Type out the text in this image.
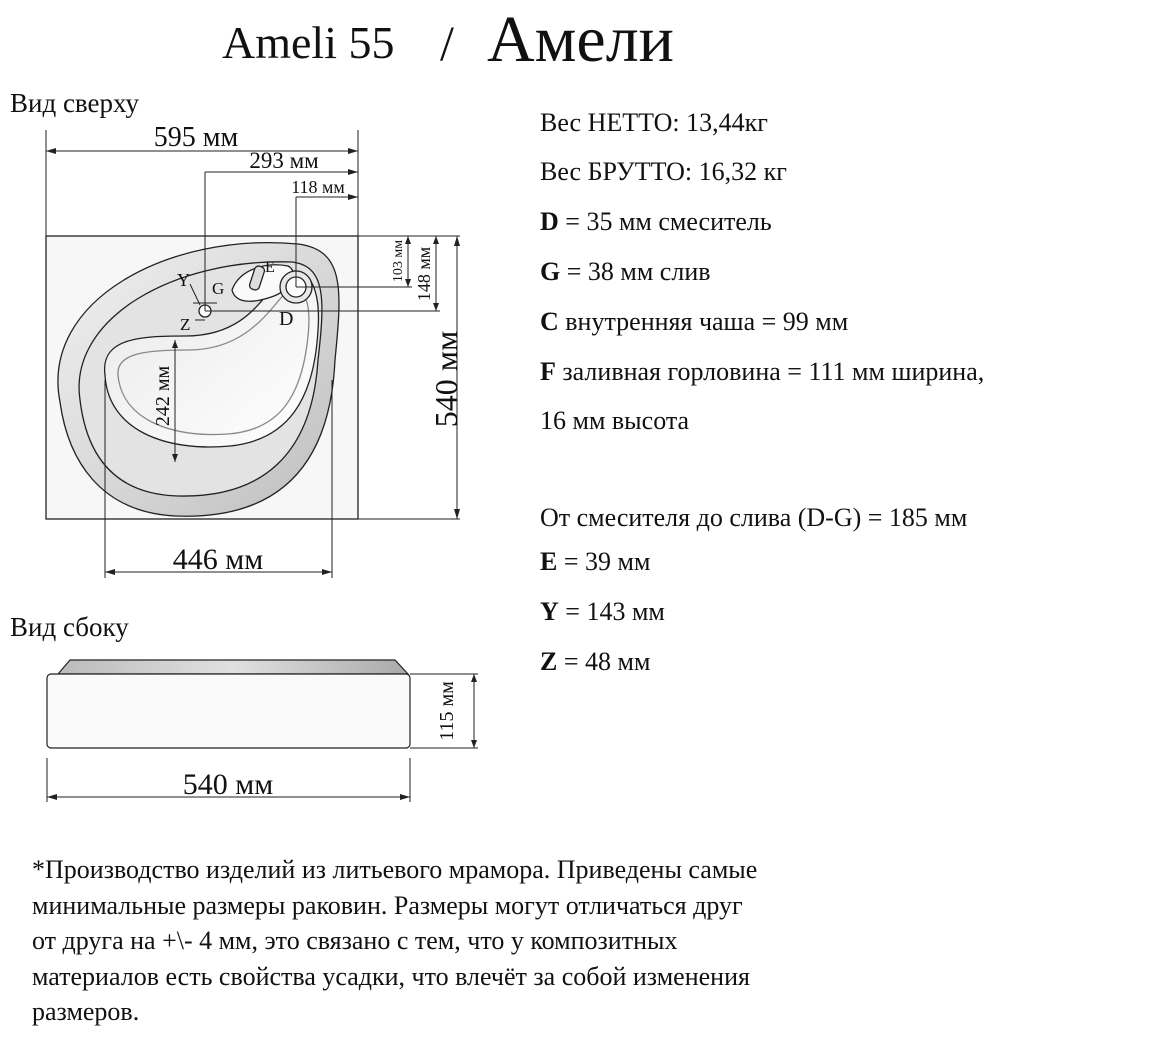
Ameli 55 / Амели
Вид сверху
Вид сбоку
595 мм
293 мм
118 мм
103 мм 148 мм
540 мм
242 мм
446 мм
Y G
Z
E
D
115 мм
540 мм
Вес НЕТТО: 13,44кг
Вес БРУТТО: 16,32 кг
D = 35 мм смеситель
G = 38 мм слив
C внутренняя чаша = 99 мм
F заливная горловина = 111 мм ширина,
16 мм высота
От смесителя до слива (D-G) = 185 мм
E = 39 мм
Y = 143 мм
Z = 48 мм

*Производство изделий из литьевого мрамора. Приведены самые

минимальные размеры раковин. Размеры могут отличаться друг

от друга на +\- 4 мм, это связано с тем, что у композитных

материалов есть свойства усадки, что влечёт за собой изменения

размеров.
